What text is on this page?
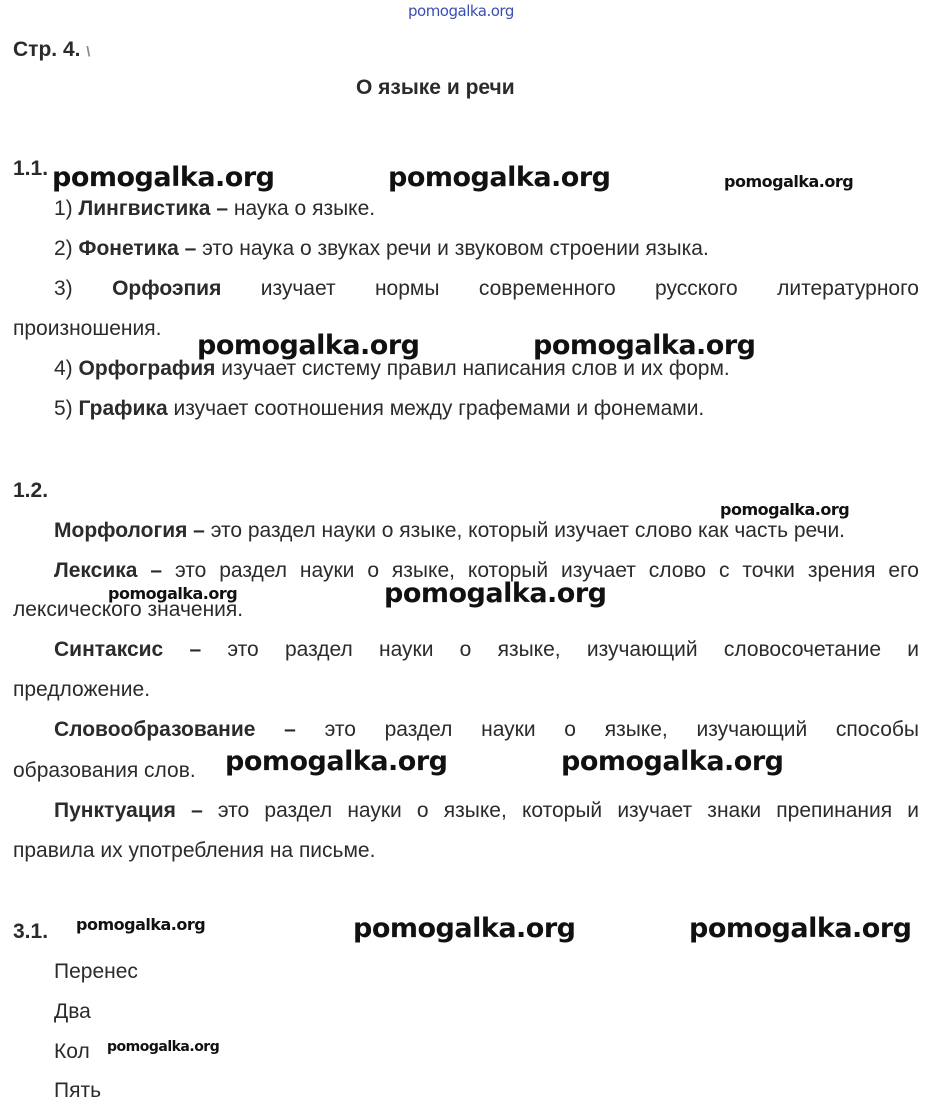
pomogalka.org
Стр. 4. \
О языке и речи
1.1.
1) Лингвистика – наука о языке.
2) Фонетика – это наука о звуках речи и звуковом строении языка.
3) Орфоэпия изучает нормы современного русского литературного
произношения.
4) Орфография изучает систему правил написания слов и их форм.
5) Графика изучает соотношения между графемами и фонемами.
1.2.
Морфология – это раздел науки о языке, который изучает слово как часть речи.
Лексика – это раздел науки о языке, который изучает слово с точки зрения его
лексического значения.
Синтаксис – это раздел науки о языке, изучающий словосочетание и
предложение.
Словообразование – это раздел науки о языке, изучающий способы
образования слов.
Пунктуация – это раздел науки о языке, который изучает знаки препинания и
правила их употребления на письме.
3.1.
Перенес
Два
Кол
Пять
pomogalka.org	pomogalka.org	pomogalka.org
pomogalka.org	pomogalka.org
pomogalka.org
pomogalka.org	pomogalka.org
pomogalka.org	pomogalka.org
pomogalka.org	pomogalka.org	pomogalka.org
pomogalka.org
